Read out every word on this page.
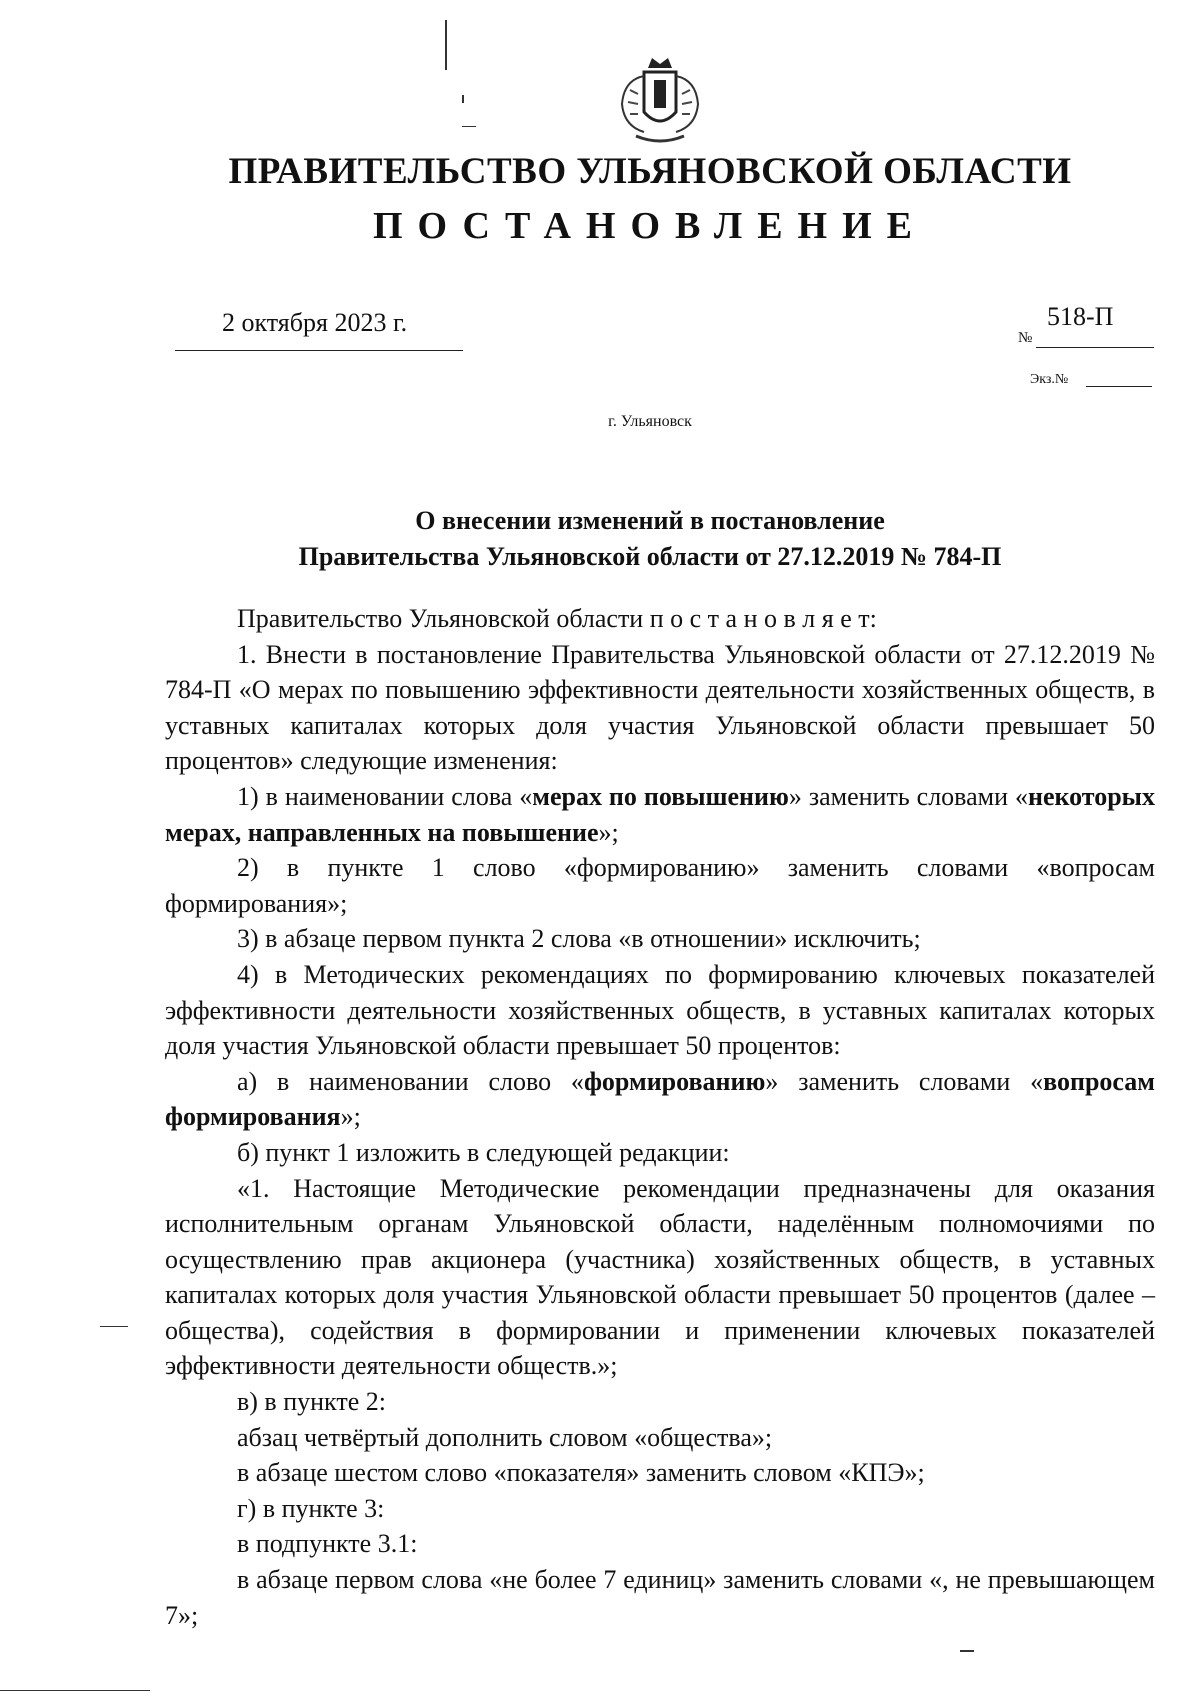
ПРАВИТЕЛЬСТВО УЛЬЯНОВСКОЙ ОБЛАСТИ
ПОСТАНОВЛЕНИЕ
2 октября 2023 г.
№
518-П
Экз.№
г. Ульяновск
О внесении изменений в постановление
Правительства Ульяновской области от 27.12.2019 № 784-П

Правительство Ульяновской области п о с т а н о в л я е т:

1. Внести в постановление Правительства Ульяновской области от 27.12.2019 № 784-П «О мерах по повышению эффективности деятельности хозяйственных обществ, в уставных капиталах которых доля участия Ульяновской области превышает 50 процентов» следующие изменения:

1) в наименовании слова «мерах по повышению» заменить словами «некоторых мерах, направленных на повышение»;

2) в пункте 1 слово «формированию» заменить словами «вопросам формирования»;

3) в абзаце первом пункта 2 слова «в отношении» исключить;

4) в Методических рекомендациях по формированию ключевых показателей эффективности деятельности хозяйственных обществ, в уставных капиталах которых доля участия Ульяновской области превышает 50 процентов:

а) в наименовании слово «формированию» заменить словами «вопросам формирования»;

б) пункт 1 изложить в следующей редакции:

«1. Настоящие Методические рекомендации предназначены для оказания исполнительным органам Ульяновской области, наделённым полномочиями по осуществлению прав акционера (участника) хозяйственных обществ, в уставных капиталах которых доля участия Ульяновской области превышает 50 процентов (далее – общества), содействия в формировании и применении ключевых показателей эффективности деятельности обществ.»;

в) в пункте 2:

абзац четвёртый дополнить словом «общества»;

в абзаце шестом слово «показателя» заменить словом «КПЭ»;

г) в пункте 3:

в подпункте 3.1:

в абзаце первом слова «не более 7 единиц» заменить словами «, не превышающем 7»;
